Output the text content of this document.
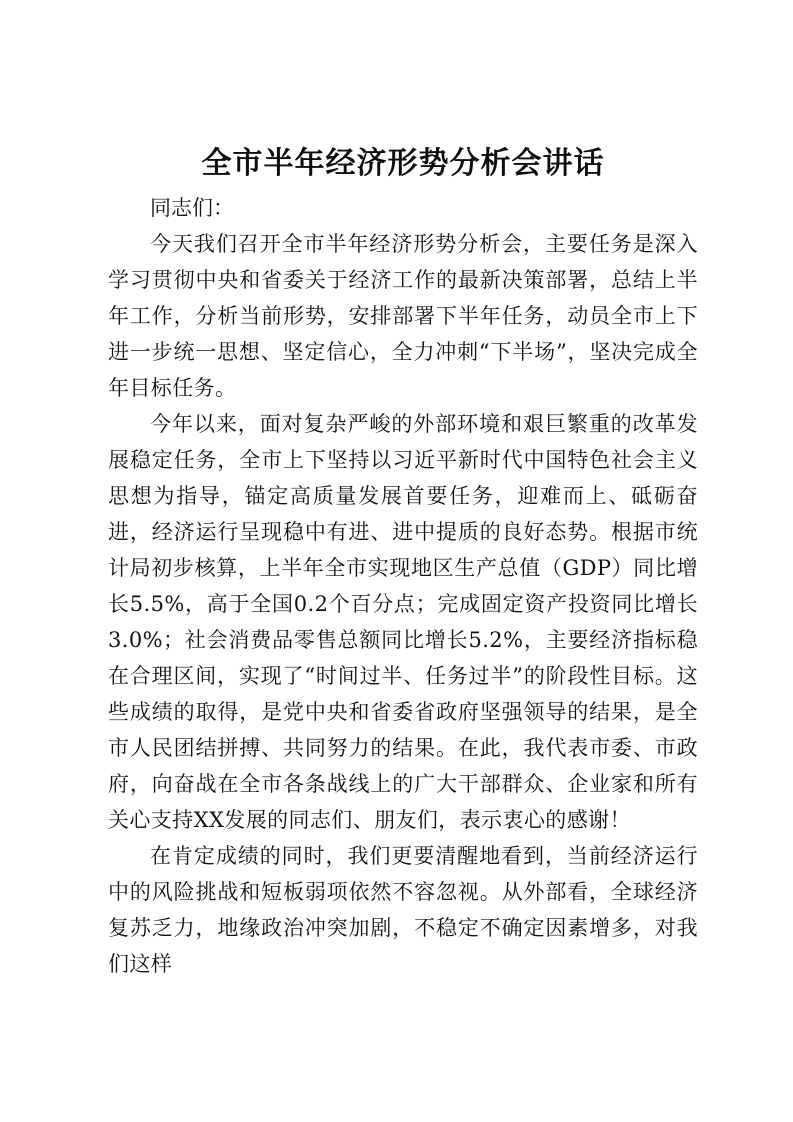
全市半年经济形势分析会讲话

同志们：

今天我们召开全市半年经济形势分析会，主要任务是深入学习贯彻中央和省委关于经济工作的最新决策部署，总结上半年工作，分析当前形势，安排部署下半年任务，动员全市上下进一步统一思想、坚定信心，全力冲刺“下半场”，坚决完成全年目标任务。

今年以来，面对复杂严峻的外部环境和艰巨繁重的改革发展稳定任务，全市上下坚持以习近平新时代中国特色社会主义思想为指导，锚定高质量发展首要任务，迎难而上、砥砺奋进，经济运行呈现稳中有进、进中提质的良好态势。根据市统计局初步核算，上半年全市实现地区生产总值（GDP）同比增长5.5%，高于全国0.2个百分点；完成固定资产投资同比增长3.0%；社会消费品零售总额同比增长5.2%，主要经济指标稳在合理区间，实现了“时间过半、任务过半”的阶段性目标。这些成绩的取得，是党中央和省委省政府坚强领导的结果，是全市人民团结拼搏、共同努力的结果。在此，我代表市委、市政府，向奋战在全市各条战线上的广大干部群众、企业家和所有关心支持XX发展的同志们、朋友们，表示衷心的感谢！

在肯定成绩的同时，我们更要清醒地看到，当前经济运行中的风险挑战和短板弱项依然不容忽视。从外部看，全球经济复苏乏力，地缘政治冲突加剧，不稳定不确定因素增多，对我们这样
